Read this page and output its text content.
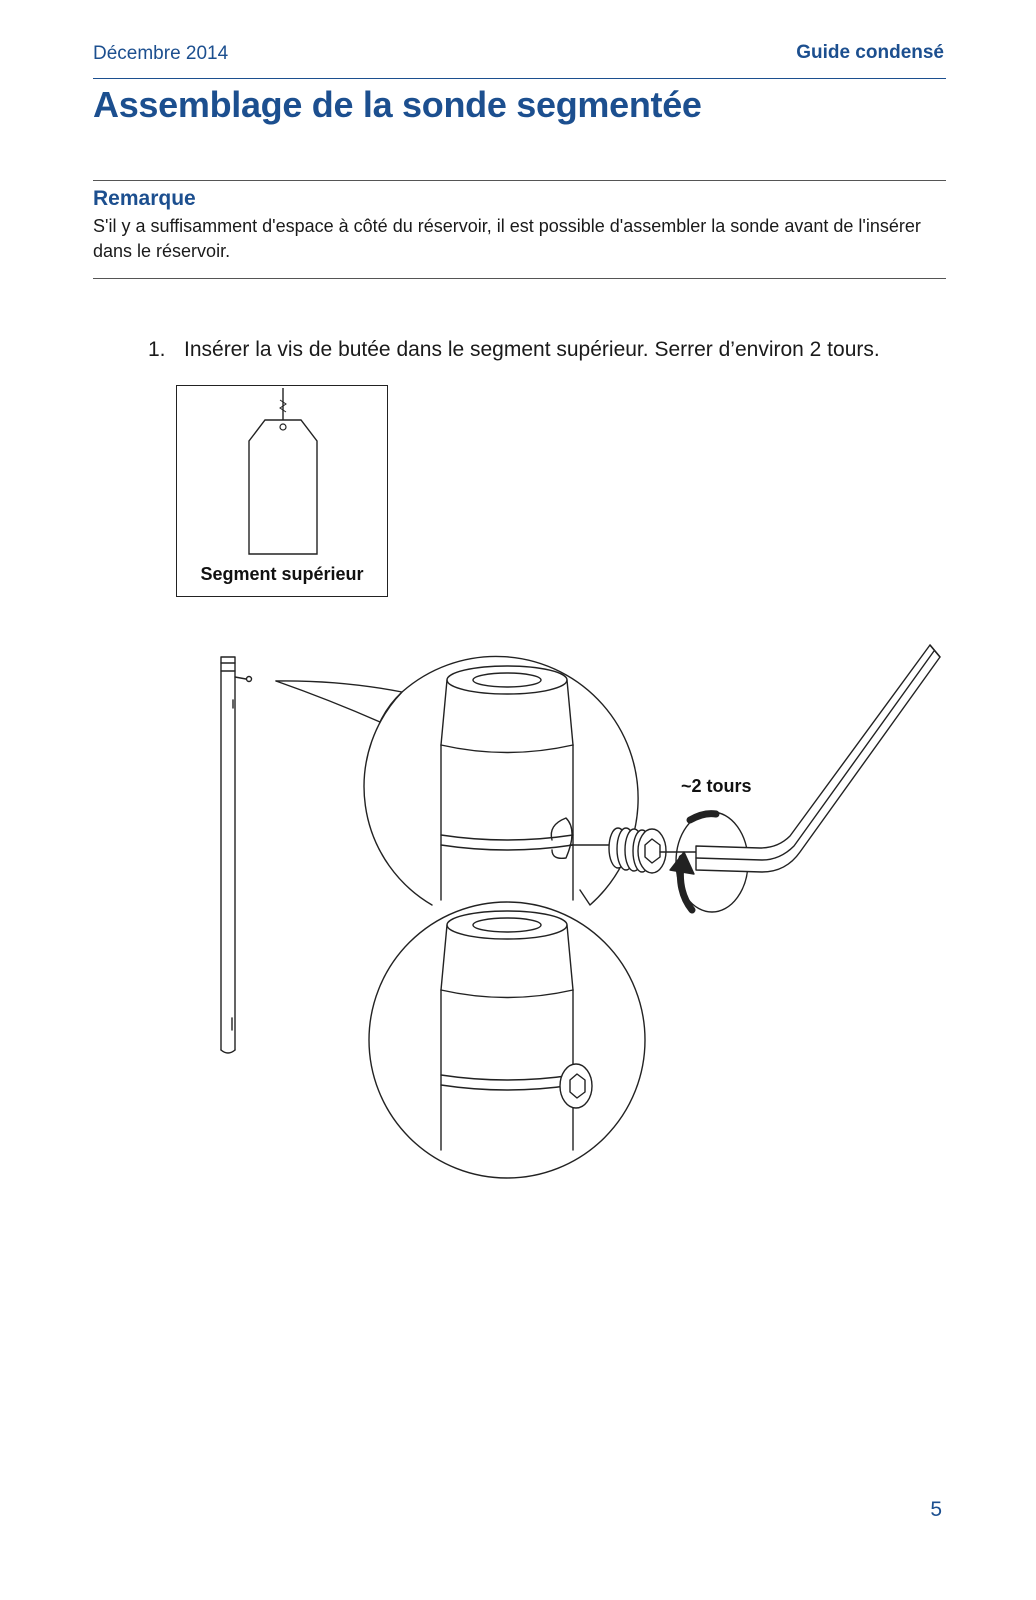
Décembre 2014	Guide condensé
Assemblage de la sonde segmentée
Remarque
S'il y a suffisamment d'espace à côté du réservoir, il est possible d'assembler la sonde avant de l'insérer dans le réservoir.
1. Insérer la vis de butée dans le segment supérieur. Serrer d’environ 2 tours.
Segment supérieur
~2 tours
5
